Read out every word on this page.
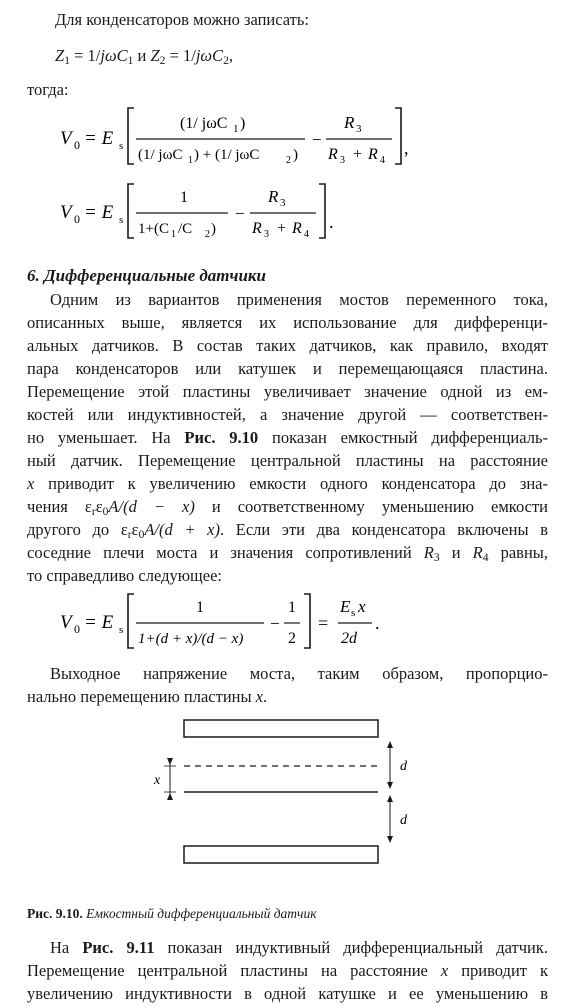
Для конденсаторов можно записать:
$Z_1 = 1/j\omega C_1$ и $Z_2 = 1/j\omega C_2$,
тогда:
V 0 = E s
(1/ jωC 1 )
(1/ jωC 1 ) + (1/ jωC	2 )
−
R 3
R 3 + R 4
,
V 0 = E s
1
1+(C 1 /C 2 )
−
R 3
R 3 + R 4
.
6. Дифференциальные датчики
Одним из вариантов применения мостов переменного тока,
описанных выше, является их использование для дифференци-
альных датчиков. В состав таких датчиков, как правило, входят
пара конденсаторов или катушек и перемещающаяся пластина.
Перемещение этой пластины увеличивает значение одной из ем-
костей или индуктивностей, а значение другой — соответствен-
но уменьшает. На Рис. 9.10 показан емкостный дифференциаль-
ный датчик. Перемещение центральной пластины на расстояние
x приводит к увеличению емкости одного конденсатора до зна-
чения $\varepsilon_r\varepsilon_0A/(d - x)$ и соответственному уменьшению емкости
другого до $\varepsilon_r\varepsilon_0A/(d + x)$. Если эти два конденсатора включены в
соседние плечи моста и значения сопротивлений $R_3$ и $R_4$ равны,
то справедливо следующее:
V 0 = E s
1
1+(d + x)/(d − x)
−
1
2
=
E s x
2d
.
Выходное напряжение моста, таким образом, пропорцио-
нально перемещению пластины x.
d
d
x
Рис. 9.10. Емкостный дифференциальный датчик
На Рис. 9.11 показан индуктивный дифференциальный датчик.
Перемещение центральной пластины на расстояние x приводит к
увеличению индуктивности в одной катушке и ее уменьшению в
